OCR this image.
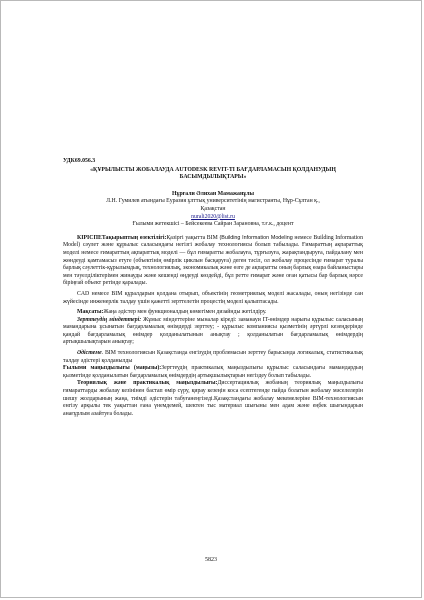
УДК69.056.3
«ҚҰРЫЛЫСТЫ ЖОБАЛАУДА AUTODESK REVIT-ТІ БАҒДАРЛАМАСЫН ҚОЛДАНУДЫҢ БАСЫМДЫЛЫҚТАРЫ»
Нұрғали Әлихан Мамажанұлы
Л.Н. Гумилев атындағы Еуразия ұлттық университетінің магистранты, Нұр-Сұлтан қ.,
Қазақстан
nurali2020@list.ru
Ғылыми жетекшісі – Бейсекеева Сайран Зарановна, т.ғ.к., доцент

КІРІСПЕТақырыптың өзектілігі:Қазіргі уақытта BIM (Building Information Modeling немесе Building Information Model) сәулет және құрылыс саласындағы негізгі жобалау технологиясы болып табылады. Ғимараттың ақпараттық моделі немесе ғимараттың ақпараттық моделі — бұл ғимаратты жобалауға, тұрғызуға, жарақтандыруға, пайдалану мен жөндеуді қамтамасыз етуге (объектінің өмірлік циклын басқаруға) деген тәсіл, ол жобалау процесінде ғимарат туралы барлық сәулеттік-құрылымдық, технологиялық, экономикалық және өзге де ақпаратты оның барлық өзара байланыстары мен тәуелділіктерімен жинауды және кешенді өңдеуді көздейді, бұл ретте ғимарат және оған қатысы бар барлық нәрсе біріңғай объект ретінде қаралады.

CAD немесе BIM құралдарын қолдана отырып, объектінің геометриялық моделі жасалады, оның негізінде сан жүйесінде инженерлік талдау үшін қажетті зерттелетін процестің моделі қалыптасады.

Мақсаты:Жаңа әдістер мен функционалдың көмегімен дизайнды жетілдіру.

Зерттеудің міндеттері: Жұмыс міндеттеріне мыналар кіреді: заманауи IT-өнімдер нарығы құрылыс саласының мамандарына ұсынатын бағдарламалық өнімдерді зерттеу; - құрылыс компаниясы қызметінің әртүрлі кезеңдерінде қандай бағдарламалық өнімдер қолданылатынын анықтау ; қолданылатын бағдарламалық өнімдердің артықшылықтарын анықтау;

Әдістеме. BIM технологиясын Қазақстанда енгізудің проблемасын зерттеу барысында логикалық, статистикалық талдау әдістері қолданылды

Ғылыми маңыздылығы (маңызы):Зерттеудің практикалық маңыздылығы құрылыс саласындағы мамандардың қызметінде қолданылатын бағдарламалық өнімдердің артықшылықтарын негіздеу болып табылады.

Теориялық және практикалық маңыздылығы:Диссертациялық жобаның теориялық маңыздылығы ғимараттарды жобалау кезінінен бастап өмір сүру, қирау кезеңін коса есептегенде пайда болатын жобалау мәселелерін шешу жолдарының жаңа, тиімді әдістерін табуғанеңгізеді.Қазақстандағы жобалау мекемелеріне BIM-технологиясын енгізу арқылы тек уақыттан ғана үнемдемей, шектен тыс материал шығыны мен адам және еңбек шығындарын анағұрлым азайтуға болады.

5823
